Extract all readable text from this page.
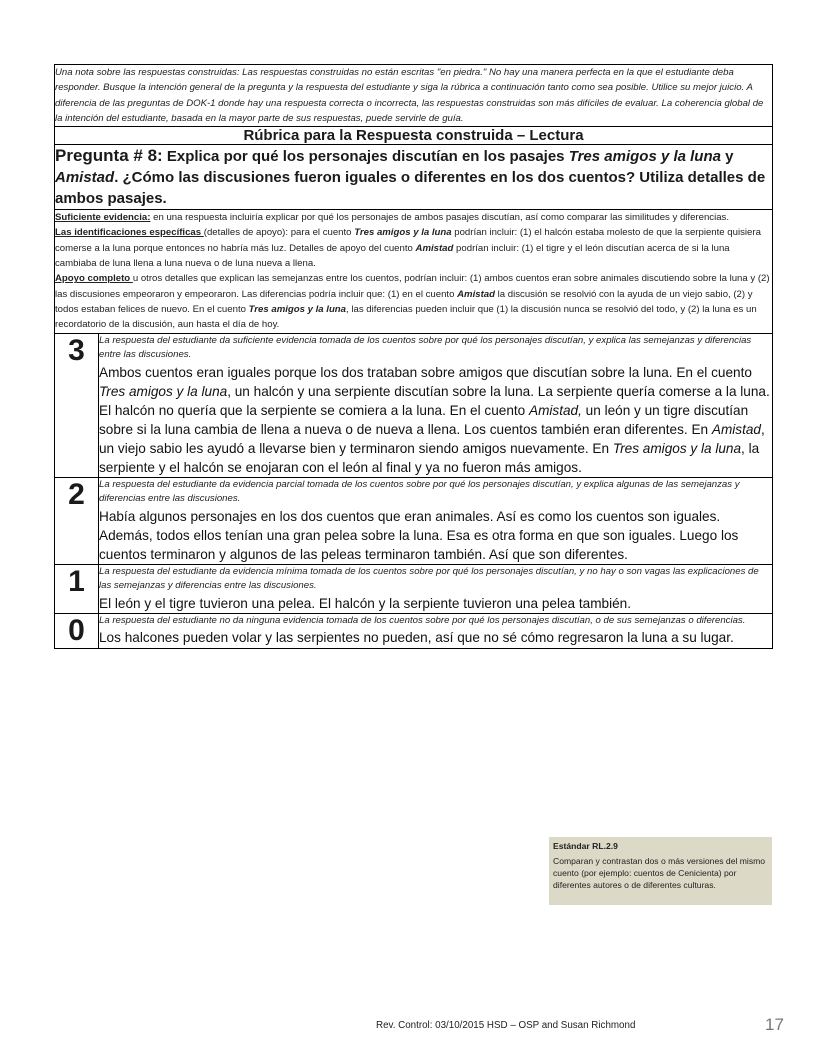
Una nota sobre las respuestas construidas: Las respuestas construidas no están escritas "en piedra." No hay una manera perfecta en la que el estudiante deba responder. Busque la intención general de la pregunta y la respuesta del estudiante y siga la rúbrica a continuación tanto como sea posible. Utilice su mejor juicio. A diferencia de las preguntas de DOK-1 donde hay una respuesta correcta o incorrecta, las respuestas construidas son más difíciles de evaluar. La coherencia global de la intención del estudiante, basada en la mayor parte de sus respuestas, puede servirle de guía.	
Rúbrica para la Respuesta construida – Lectura	
Pregunta # 8: Explica por qué los personajes discutían en los pasajes Tres amigos y la luna y Amistad. ¿Cómo las discusiones fueron iguales o diferentes en los dos cuentos? Utiliza detalles de ambos pasajes.	

Suficiente evidencia: en una respuesta incluiría explicar por qué los personajes de ambos pasajes discutían, así como comparar las similitudes y diferencias.
Las identificaciones específicas (detalles de apoyo): para el cuento Tres amigos y la luna podrían incluir: (1) el halcón estaba molesto de que la serpiente quisiera comerse a la luna porque entonces no habría más luz. Detalles de apoyo del cuento Amistad podrían incluir: (1) el tigre y el león discutían acerca de si la luna cambiaba de luna llena a luna nueva o de luna nueva a llena.
Apoyo completo u otros detalles que explican las semejanzas entre los cuentos, podrían incluir: (1) ambos cuentos eran sobre animales discutiendo sobre la luna y (2) las discusiones empeoraron y empeoraron. Las diferencias podría incluir que: (1) en el cuento Amistad la discusión se resolvió con la ayuda de un viejo sabio, (2) y todos estaban felices de nuevo. En el cuento Tres amigos y la luna, las diferencias pueden incluir que (1) la discusión nunca se resolvió del todo, y (2) la luna es un recordatorio de la discusión, aun hasta el día de hoy.	

3	La respuesta del estudiante da suficiente evidencia tomada de los cuentos sobre por qué los personajes discutían, y explica las semejanzas y diferencias entre las discusiones.
Ambos cuentos eran iguales porque los dos trataban sobre amigos que discutían sobre la luna. En el cuento Tres amigos y la luna, un halcón y una serpiente discutían sobre la luna. La serpiente quería comerse a la luna. El halcón no quería que la serpiente se comiera a la luna. En el cuento Amistad, un león y un tigre discutían sobre si la luna cambia de llena a nueva o de nueva a llena. Los cuentos también eran diferentes. En Amistad, un viejo sabio les ayudó a llevarse bien y terminaron siendo amigos nuevamente. En Tres amigos y la luna, la serpiente y el halcón se enojaran con el león al final y ya no fueron más amigos.

2	La respuesta del estudiante da evidencia parcial tomada de los cuentos sobre por qué los personajes discutían, y explica algunas de las semejanzas y diferencias entre las discusiones.
Había algunos personajes en los dos cuentos que eran animales. Así es como los cuentos son iguales. Además, todos ellos tenían una gran pelea sobre la luna. Esa es otra forma en que son iguales. Luego los cuentos terminaron y algunos de las peleas terminaron también. Así que son diferentes.

1	La respuesta del estudiante da evidencia mínima tomada de los cuentos sobre por qué los personajes discutían, y no hay o son vagas las explicaciones de las semejanzas y diferencias entre las discusiones.
El león y el tigre tuvieron una pelea. El halcón y la serpiente tuvieron una pelea también.

0	La respuesta del estudiante no da ninguna evidencia tomada de los cuentos sobre por qué los personajes discutían, o de sus semejanzas o diferencias.
Los halcones pueden volar y las serpientes no pueden, así que no sé cómo regresaron la luna a su lugar.
Estándar RL.2.9
Comparan y contrastan dos o más versiones del mismo cuento (por ejemplo: cuentos de Cenicienta) por diferentes autores o de diferentes culturas.
Rev. Control: 03/10/2015 HSD – OSP and Susan Richmond	17
